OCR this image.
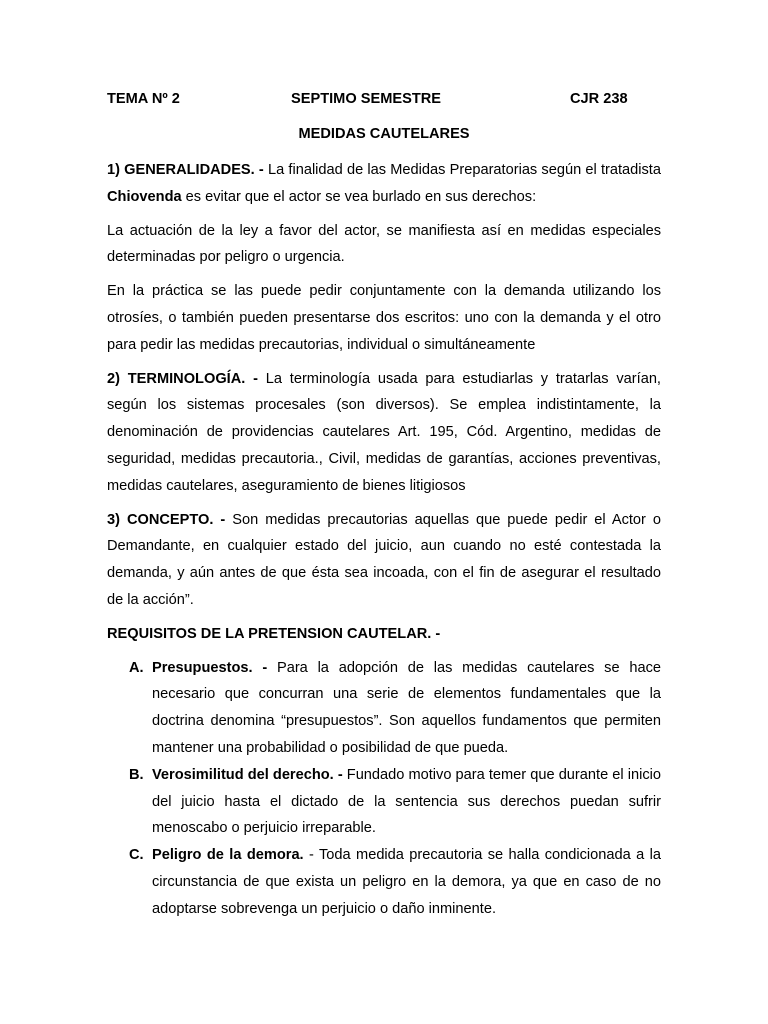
TEMA Nº 2	SEPTIMO SEMESTRE	CJR 238
MEDIDAS CAUTELARES

1) GENERALIDADES. - La finalidad de las Medidas Preparatorias según el tratadista Chiovenda es evitar que el actor se vea burlado en sus derechos:

La actuación de la ley a favor del actor, se manifiesta así en medidas especiales determinadas por peligro o urgencia.

En la práctica se las puede pedir conjuntamente con la demanda utilizando los otrosíes, o también pueden presentarse dos escritos: uno con la demanda y el otro para pedir las medidas precautorias, individual o simultáneamente

2) TERMINOLOGÍA. - La terminología usada para estudiarlas y tratarlas varían, según los sistemas procesales (son diversos). Se emplea indistintamente, la denominación de providencias cautelares Art. 195, Cód. Argentino, medidas de seguridad, medidas precautoria., Civil, medidas de garantías, acciones preventivas, medidas cautelares, aseguramiento de bienes litigiosos

3) CONCEPTO. - Son medidas precautorias aquellas que puede pedir el Actor o Demandante, en cualquier estado del juicio, aun cuando no esté contestada la demanda, y aún antes de que ésta sea incoada, con el fin de asegurar el resultado de la acción”.

REQUISITOS DE LA PRETENSION CAUTELAR. -
A. Presupuestos. - Para la adopción de las medidas cautelares se hace necesario que concurran una serie de elementos fundamentales que la doctrina denomina “presupuestos”. Son aquellos fundamentos que permiten mantener una probabilidad o posibilidad de que pueda.
B. Verosimilitud del derecho. - Fundado motivo para temer que durante el inicio del juicio hasta el dictado de la sentencia sus derechos puedan sufrir menoscabo o perjuicio irreparable.
C. Peligro de la demora. - Toda medida precautoria se halla condicionada a la circunstancia de que exista un peligro en la demora, ya que en caso de no adoptarse sobrevenga un perjuicio o daño inminente.
